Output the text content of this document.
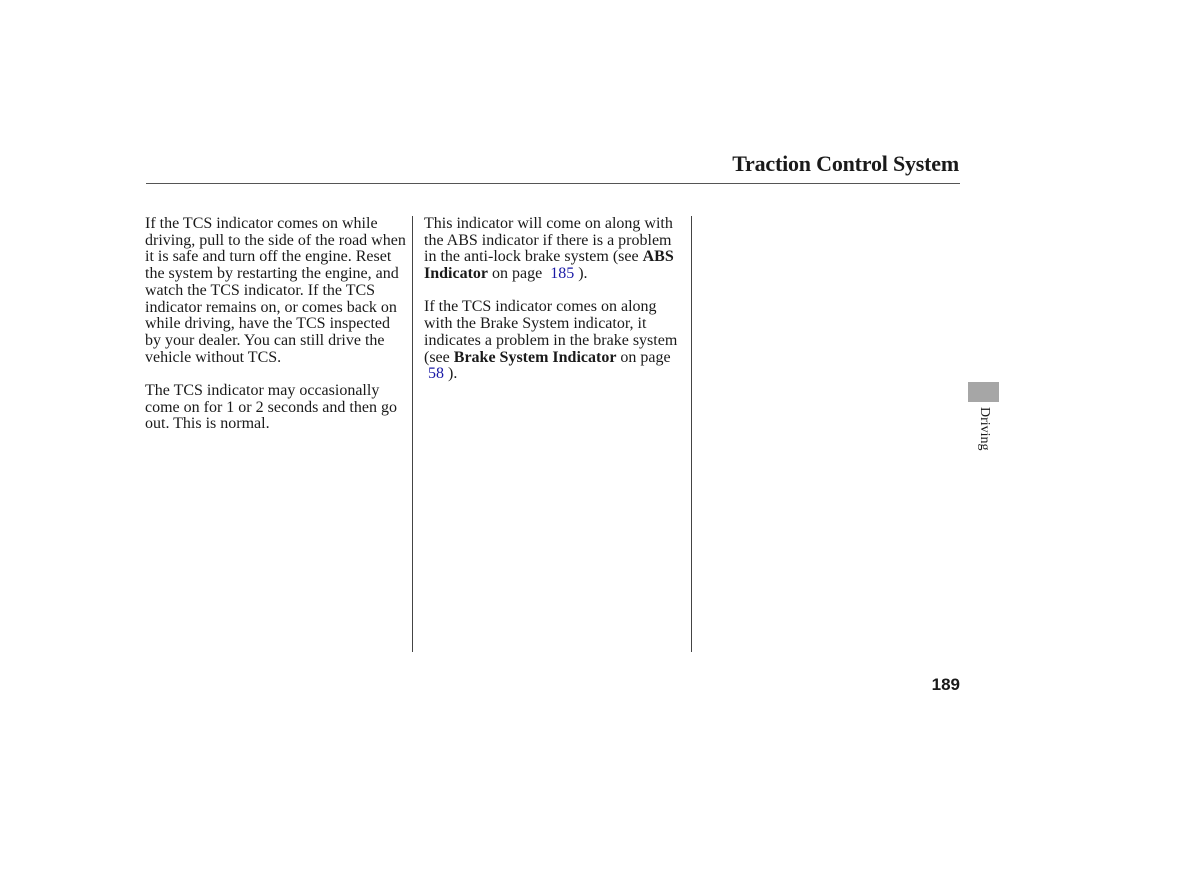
Traction Control System

If the TCS indicator comes on while driving, pull to the side of the road when it is safe and turn off the engine. Reset the system by restarting the engine, and watch the TCS indicator. If the TCS indicator remains on, or comes back on while driving, have the TCS inspected by your dealer. You can still drive the vehicle without TCS.

The TCS indicator may occasionally come on for 1 or 2 seconds and then go out. This is normal.

This indicator will come on along with the ABS indicator if there is a problem in the anti-lock brake system (see ABS Indicator on page 185 ).

If the TCS indicator comes on along with the Brake System indicator, it indicates a problem in the brake system (see Brake System Indicator on page 58 ).

Driving
189
